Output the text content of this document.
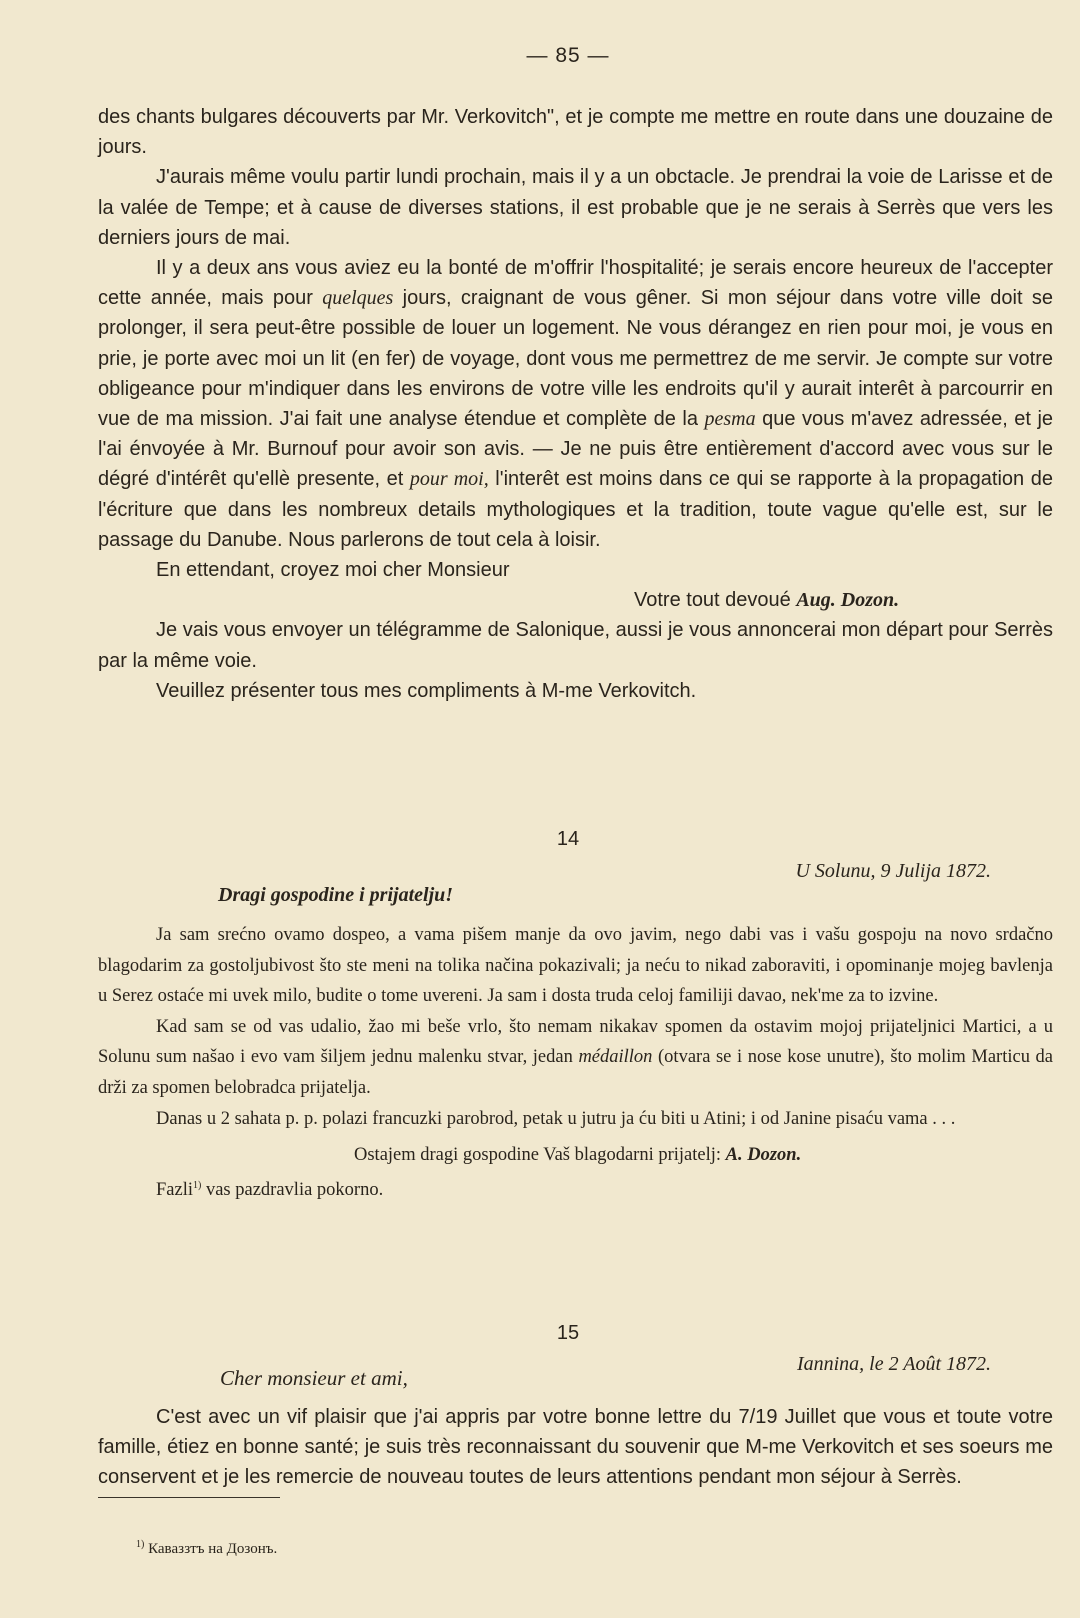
— 85 —

des chants bulgares découverts par Mr. Verkovitch", et je compte me mettre en route dans une douzaine de jours.

J'aurais même voulu partir lundi prochain, mais il y a un obctacle. Je prendrai la voie de Larisse et de la valée de Tempe; et à cause de diverses stations, il est probable que je ne serais à Serrès que vers les derniers jours de mai.

Il y a deux ans vous aviez eu la bonté de m'offrir l'hospitalité; je serais encore heureux de l'accepter cette année, mais pour quelques jours, craignant de vous gêner. Si mon séjour dans votre ville doit se prolonger, il sera peut-être possible de louer un logement. Ne vous dérangez en rien pour moi, je vous en prie, je porte avec moi un lit (en fer) de voyage, dont vous me permettrez de me servir. Je compte sur votre obligeance pour m'indiquer dans les environs de votre ville les endroits qu'il y aurait interêt à parcourrir en vue de ma mission. J'ai fait une analyse étendue et complète de la pesma que vous m'avez adressée, et je l'ai énvoyée à Mr. Burnouf pour avoir son avis. — Je ne puis être entièrement d'accord avec vous sur le dégré d'intérêt qu'ellè presente, et pour moi, l'interêt est moins dans ce qui se rapporte à la propagation de l'écriture que dans les nombreux details mythologiques et la tradition, toute vague qu'elle est, sur le passage du Danube. Nous parlerons de tout cela à loisir.

En ettendant, croyez moi cher Monsieur

Votre tout devoué Aug. Dozon.

Je vais vous envoyer un télégramme de Salonique, aussi je vous annoncerai mon départ pour Serrès par la même voie.

Veuillez présenter tous mes compliments à M-me Verkovitch.

14
U Solunu, 9 Julija 1872.
Dragi gospodine i prijatelju!

Ja sam srećno ovamo dospeo, a vama pišem manje da ovo javim, nego dabi vas i vašu gospoju na novo srdačno blagodarim za gostoljubivost što ste meni na tolika načina pokazivali; ja neću to nikad zaboraviti, i opominanje mojeg bavlenja u Serez ostaće mi uvek milo, budite o tome uvereni. Ja sam i dosta truda celoj familiji davao, nek'me za to izvine.

Kad sam se od vas udalio, žao mi beše vrlo, što nemam nikakav spomen da ostavim mojoj prijateljnici Martici, a u Solunu sum našao i evo vam šiljem jednu malenku stvar, jedan médaillon (otvara se i nose kose unutre), što molim Marticu da drži za spomen belobradca prijatelja.

Danas u 2 sahata p. p. polazi francuzki parobrod, petak u jutru ja ću biti u Atini; i od Janine pisaću vama . . .

Ostajem dragi gospodine Vaš blagodarni prijatelj: A. Dozon.

Fazli$^{1)}$ vas pazdravlia pokorno.

15
Cher monsieur et ami,
Iannina, le 2 Août 1872.

C'est avec un vif plaisir que j'ai appris par votre bonne lettre du 7/19 Juillet que vous et toute votre famille, étiez en bonne santé; je suis très reconnaissant du souvenir que M-me Verkovitch et ses soeurs me conservent et je les remercie de nouveau toutes de leurs attentions pendant mon séjour à Serrès.

$^{1)}$ Каваззтъ на Дозонъ.
